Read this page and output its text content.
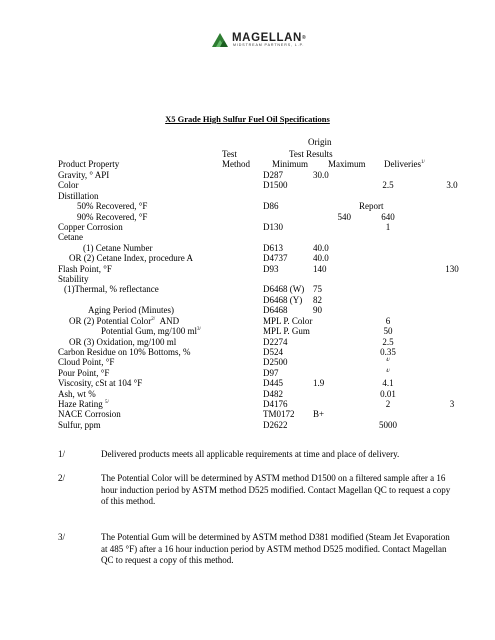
MAGELLAN®
MIDSTREAM PARTNERS, L.P.
X5 Grade High Sulfur Fuel Oil Specifications
Origin
Test	Test Results
Product Property	Method Minimum Maximum Deliveries$^{1/}$
Gravity, ° API	D287	30.0		
Color	D1500		2.5	3.0
Distillation				
50% Recovered, °F	D86		Report	
90% Recovered, °F		540	640	
Copper Corrosion	D130		1	
Cetane				
(1) Cetane Number	D613	40.0		
OR (2) Cetane Index, procedure A	D4737	40.0		
Flash Point, °F	D93	140		130
Stability				
(1)Thermal, % reflectance	D6468 (W)	75		
	D6468 (Y)	82		
Aging Period (Minutes)	D6468	90		
OR (2) Potential Color$^{2/}$ AND	MPL P. Color		6	
Potential Gum, mg/100 $ml^{3/}$	MPL P. Gum		50	
OR (3) Oxidation, mg/100 ml	D2274		2.5	
Carbon Residue on 10% Bottoms, %	D524		0.35	
Cloud Point, °F	D2500		$^{4/}$	
Pour Point, °F	D97		$^{4/}$	
Viscosity, cSt at 104 °F	D445	1.9	4.1	
Ash, wt %	D482		0.01	
Haze Rating $^{5/}$	D4176		2	3
NACE Corrosion	TM0172	B+		
Sulfur, ppm	D2622		5000	
1/	Delivered products meets all applicable requirements at time and place of delivery.
2/	The Potential Color will be determined by ASTM method D1500 on a filtered sample after a 16 hour induction period by ASTM method D525 modified. Contact Magellan QC to request a copy of this method.
3/	The Potential Gum will be determined by ASTM method D381 modified (Steam Jet Evaporation at 485 °F) after a 16 hour induction period by ASTM method D525 modified. Contact Magellan QC to request a copy of this method.
